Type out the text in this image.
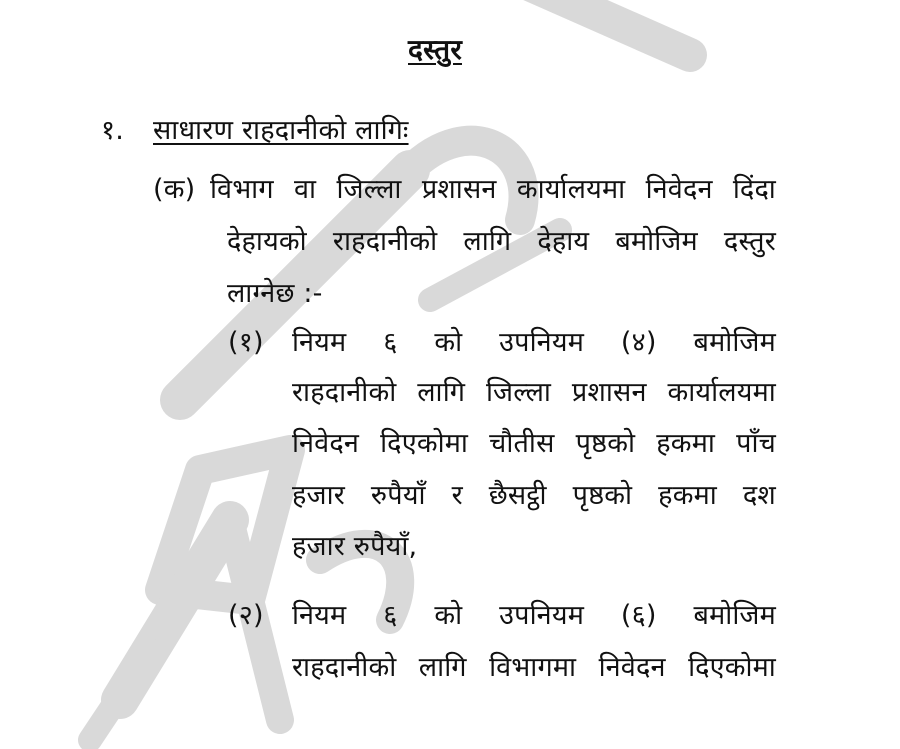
दस्तुर
१. साधारण राहदानीको लागिः
(क) विभाग वा जिल्ला प्रशासन कार्यालयमा निवेदन दिंदा
देहायको राहदानीको लागि देहाय बमोजिम दस्तुर
लाग्नेछ :-
(१) नियम ६ को उपनियम (४) बमोजिम
राहदानीको लागि जिल्ला प्रशासन कार्यालयमा
निवेदन दिएकोमा चौतीस पृष्ठको हकमा पाँच
हजार रुपैयाँ र छैसट्ठी पृष्ठको हकमा दश
हजार रुपैयाँ,
(२) नियम ६ को उपनियम (६) बमोजिम
राहदानीको लागि विभागमा निवेदन दिएकोमा
